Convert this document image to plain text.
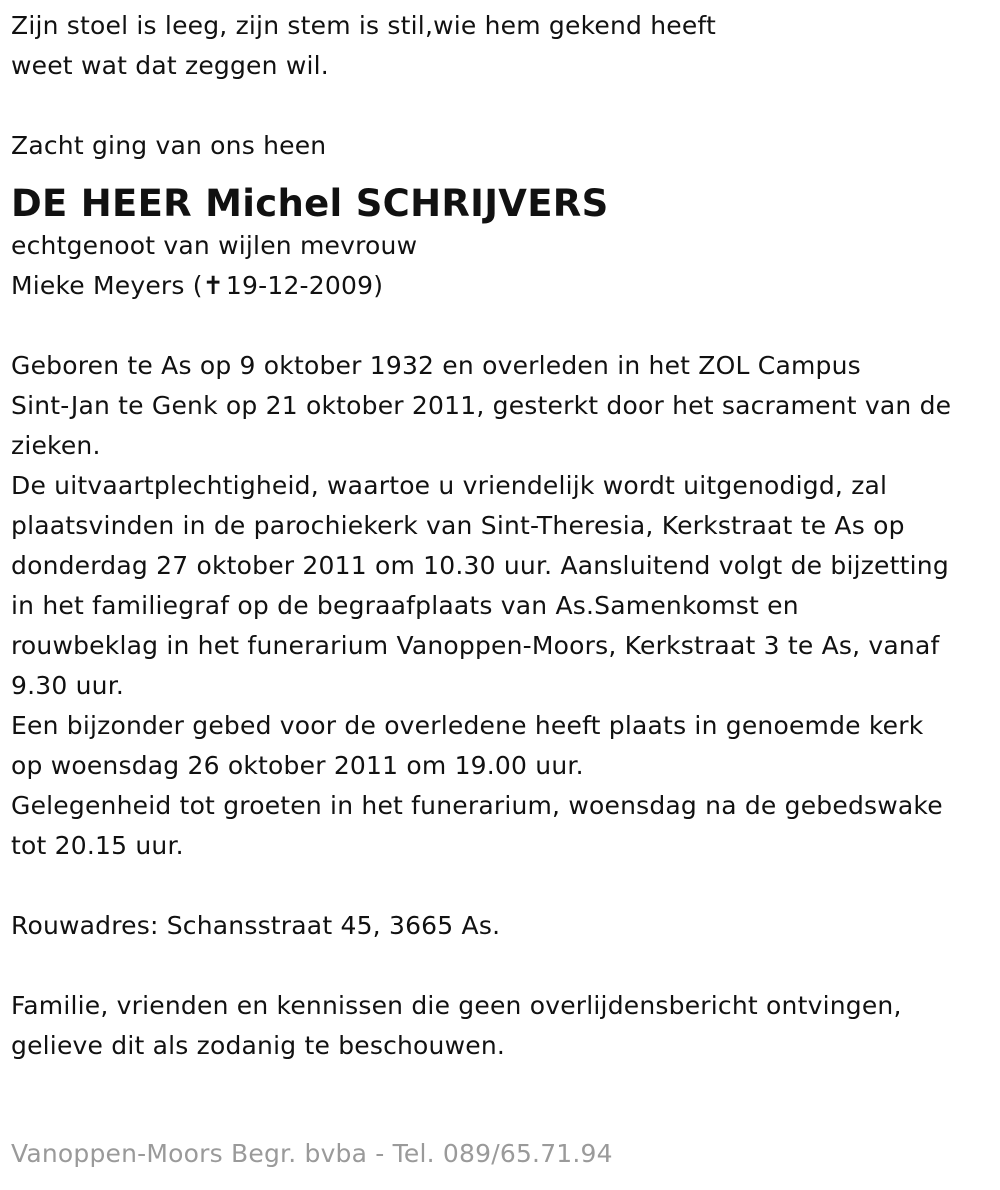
Zijn stoel is leeg, zijn stem is stil,wie hem gekend heeft
weet wat dat zeggen wil.
Zacht ging van ons heen
DE HEER Michel SCHRIJVERS
echtgenoot van wijlen mevrouw
Mieke Meyers (✝19-12-2009)
Geboren te As op 9 oktober 1932 en overleden in het ZOL Campus
Sint-Jan te Genk op 21 oktober 2011, gesterkt door het sacrament van de
zieken.
De uitvaartplechtigheid, waartoe u vriendelijk wordt uitgenodigd, zal
plaatsvinden in de parochiekerk van Sint-Theresia, Kerkstraat te As op
donderdag 27 oktober 2011 om 10.30 uur. Aansluitend volgt de bijzetting
in het familiegraf op de begraafplaats van As.Samenkomst en
rouwbeklag in het funerarium Vanoppen-Moors, Kerkstraat 3 te As, vanaf
9.30 uur.
Een bijzonder gebed voor de overledene heeft plaats in genoemde kerk
op woensdag 26 oktober 2011 om 19.00 uur.
Gelegenheid tot groeten in het funerarium, woensdag na de gebedswake
tot 20.15 uur.
Rouwadres: Schansstraat 45, 3665 As.
Familie, vrienden en kennissen die geen overlijdensbericht ontvingen,
gelieve dit als zodanig te beschouwen.
Vanoppen-Moors Begr. bvba - Tel. 089/65.71.94
